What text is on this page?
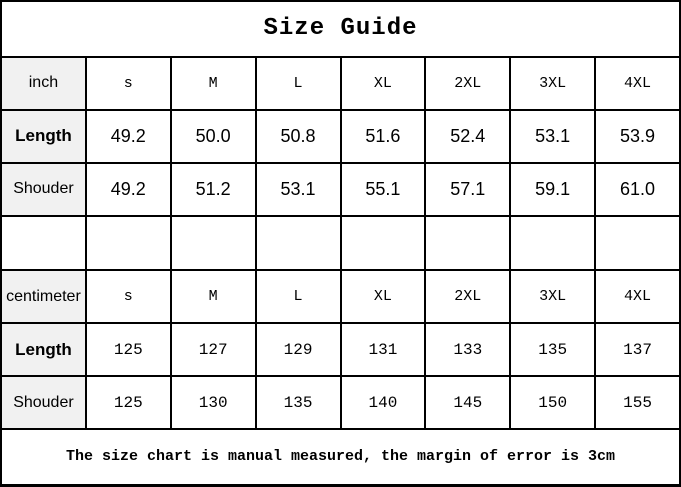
Size Guide							
inch	s	M	L	XL	2XL	3XL	4XL
Length	49.2	50.0	50.8	51.6	52.4	53.1	53.9
Shouder	49.2	51.2	53.1	55.1	57.1	59.1	61.0

centimeter	s	M	L	XL	2XL	3XL	4XL
Length	125	127	129	131	133	135	137
Shouder	125	130	135	140	145	150	155
The size chart is manual measured, the margin of error is 3cm							
